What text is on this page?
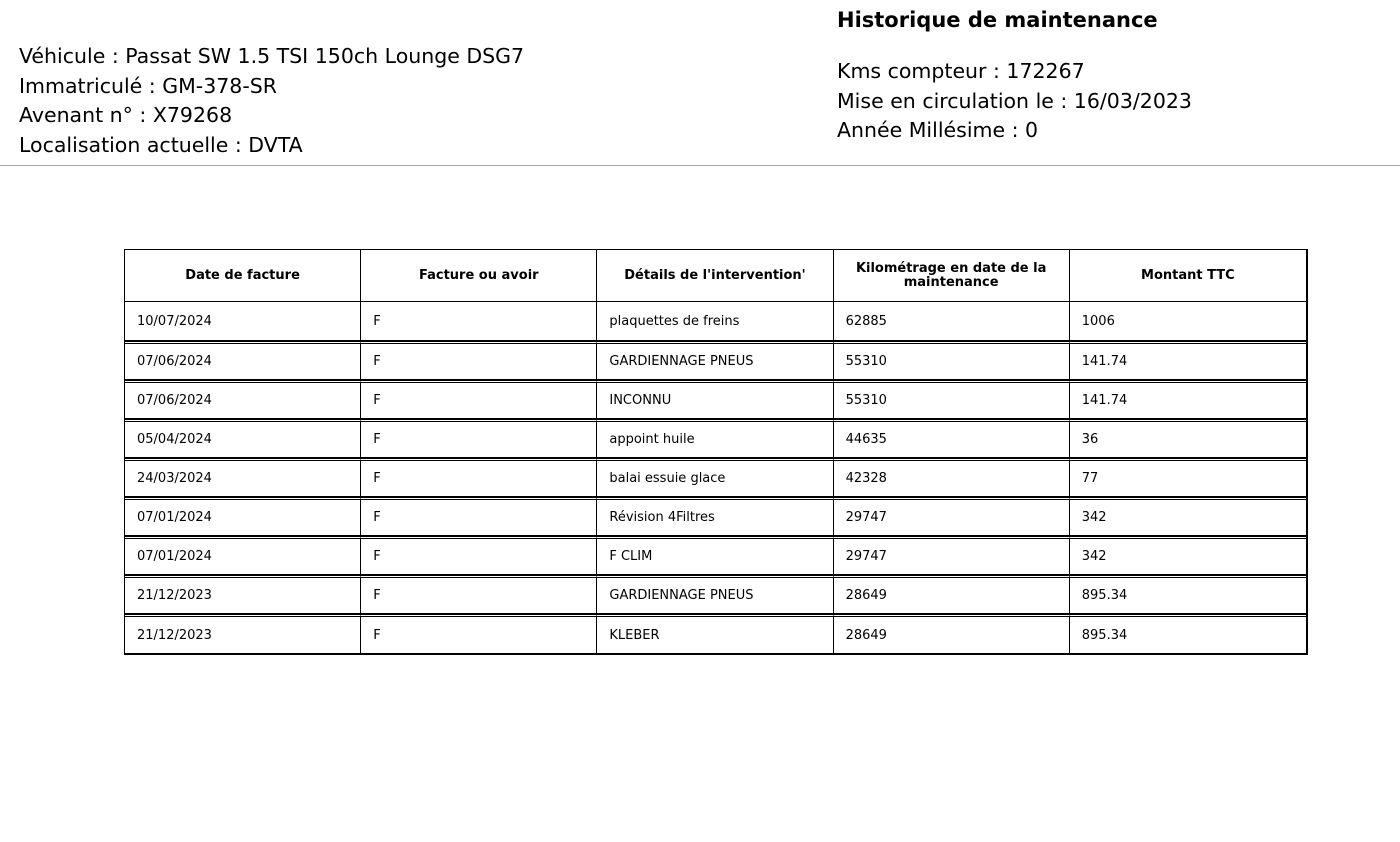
Historique de maintenance
Véhicule : Passat SW 1.5 TSI 150ch Lounge DSG7
Immatriculé : GM-378-SR
Avenant n° : X79268
Localisation actuelle : DVTA
Kms compteur : 172267
Mise en circulation le : 16/03/2023
Année Millésime : 0
Date de facture	Facture ou avoir	Détails de l'intervention'	Kilométrage en date de la maintenance	Montant TTC
10/07/2024	F	plaquettes de freins	62885	1006
07/06/2024	F	GARDIENNAGE PNEUS	55310	141.74
07/06/2024	F	INCONNU	55310	141.74
05/04/2024	F	appoint huile	44635	36
24/03/2024	F	balai essuie glace	42328	77
07/01/2024	F	Révision 4Filtres	29747	342
07/01/2024	F	F CLIM	29747	342
21/12/2023	F	GARDIENNAGE PNEUS	28649	895.34
21/12/2023	F	KLEBER	28649	895.34
